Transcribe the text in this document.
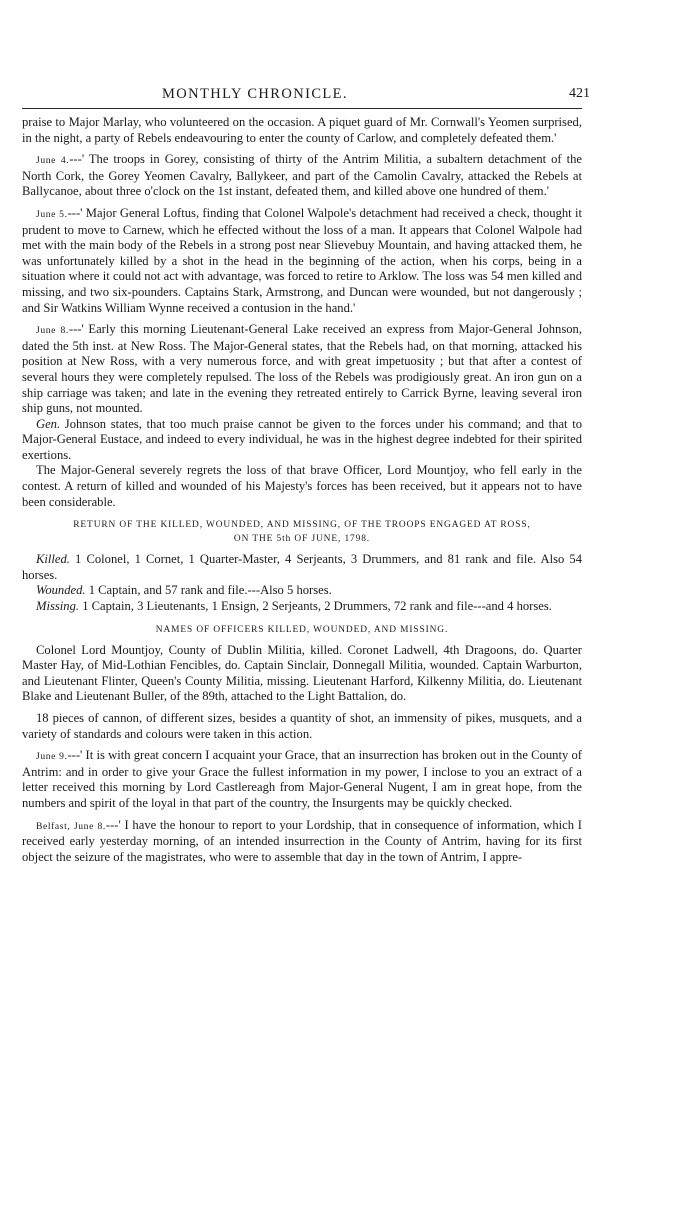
MONTHLY CHRONICLE.	421

praise to Major Marlay, who volunteered on the occasion. A piquet guard of Mr. Cornwall's Yeomen surprised, in the night, a party of Rebels endeavouring to enter the county of Carlow, and completely defeated them.'

June 4.---' The troops in Gorey, consisting of thirty of the Antrim Militia, a subaltern detachment of the North Cork, the Gorey Yeomen Cavalry, Ballykeer, and part of the Camolin Cavalry, attacked the Rebels at Ballycanoe, about three o'clock on the 1st instant, defeated them, and killed above one hundred of them.'

June 5.---' Major General Loftus, finding that Colonel Walpole's detachment had received a check, thought it prudent to move to Carnew, which he effected without the loss of a man. It appears that Colonel Walpole had met with the main body of the Rebels in a strong post near Slievebuy Mountain, and having attacked them, he was unfortunately killed by a shot in the head in the beginning of the action, when his corps, being in a situation where it could not act with advantage, was forced to retire to Arklow. The loss was 54 men killed and missing, and two six-pounders. Captains Stark, Armstrong, and Duncan were wounded, but not dangerously ; and Sir Watkins William Wynne received a contusion in the hand.'

June 8.---' Early this morning Lieutenant-General Lake received an express from Major-General Johnson, dated the 5th inst. at New Ross. The Major-General states, that the Rebels had, on that morning, attacked his position at New Ross, with a very numerous force, and with great impetuosity ; but that after a contest of several hours they were completely repulsed. The loss of the Rebels was prodigiously great. An iron gun on a ship carriage was taken; and late in the evening they retreated entirely to Carrick Byrne, leaving several iron ship guns, not mounted.

Gen. Johnson states, that too much praise cannot be given to the forces under his command; and that to Major-General Eustace, and indeed to every individual, he was in the highest degree indebted for their spirited exertions.

The Major-General severely regrets the loss of that brave Officer, Lord Mountjoy, who fell early in the contest. A return of killed and wounded of his Majesty's forces has been received, but it appears not to have been considerable.

RETURN OF THE KILLED, WOUNDED, AND MISSING, OF THE TROOPS ENGAGED AT ROSS,
ON THE 5th OF JUNE, 1798.

Killed. 1 Colonel, 1 Cornet, 1 Quarter-Master, 4 Serjeants, 3 Drummers, and 81 rank and file. Also 54 horses.

Wounded. 1 Captain, and 57 rank and file.---Also 5 horses.

Missing. 1 Captain, 3 Lieutenants, 1 Ensign, 2 Serjeants, 2 Drummers, 72 rank and file---and 4 horses.

NAMES OF OFFICERS KILLED, WOUNDED, AND MISSING.

Colonel Lord Mountjoy, County of Dublin Militia, killed. Coronet Ladwell, 4th Dragoons, do. Quarter Master Hay, of Mid-Lothian Fencibles, do. Captain Sinclair, Donnegall Militia, wounded. Captain Warburton, and Lieutenant Flinter, Queen's County Militia, missing. Lieutenant Harford, Kilkenny Militia, do. Lieutenant Blake and Lieutenant Buller, of the 89th, attached to the Light Battalion, do.

18 pieces of cannon, of different sizes, besides a quantity of shot, an immensity of pikes, musquets, and a variety of standards and colours were taken in this action.

June 9.---' It is with great concern I acquaint your Grace, that an insurrection has broken out in the County of Antrim: and in order to give your Grace the fullest information in my power, I inclose to you an extract of a letter received this morning by Lord Castlereagh from Major-General Nugent, I am in great hope, from the numbers and spirit of the loyal in that part of the country, the Insurgents may be quickly checked.

Belfast, June 8.---' I have the honour to report to your Lordship, that in consequence of information, which I received early yesterday morning, of an intended insurrection in the County of Antrim, having for its first object the seizure of the magistrates, who were to assemble that day in the town of Antrim, I appre-
